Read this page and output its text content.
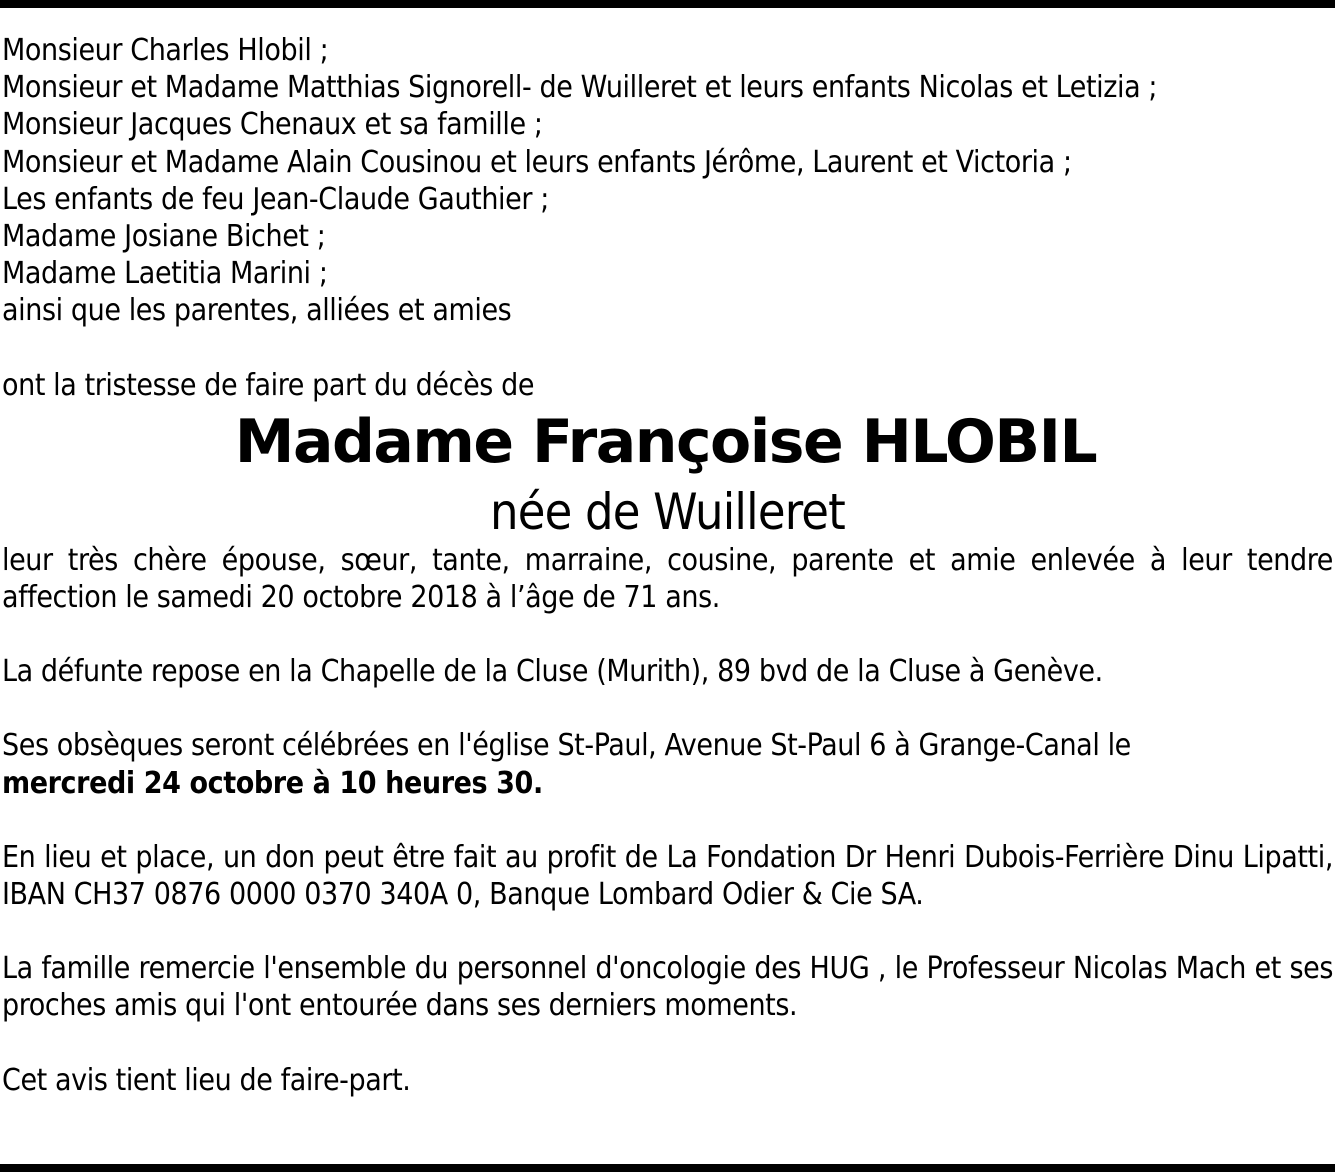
Monsieur Charles Hlobil ;
Monsieur et Madame Matthias Signorell- de Wuilleret et leurs enfants Nicolas et Letizia ;
Monsieur Jacques Chenaux et sa famille ;
Monsieur et Madame Alain Cousinou et leurs enfants Jérôme, Laurent et Victoria ;
Les enfants de feu Jean-Claude Gauthier ;
Madame Josiane Bichet ;
Madame Laetitia Marini ;
ainsi que les parentes, alliées et amies
ont la tristesse de faire part du décès de
Madame Françoise HLOBIL
née de Wuilleret
leur très chère épouse, sœur, tante, marraine, cousine, parente et amie enlevée à leur tendre affection le samedi 20 octobre 2018 à l’âge de 71 ans.
La défunte repose en la Chapelle de la Cluse (Murith), 89 bvd de la Cluse à Genève.
Ses obsèques seront célébrées en l'église St-Paul, Avenue St-Paul 6 à Grange-Canal le
mercredi 24 octobre à 10 heures 30.
En lieu et place, un don peut être fait au profit de La Fondation Dr Henri Dubois-Ferrière Dinu Lipatti, IBAN CH37 0876 0000 0370 340A 0, Banque Lombard Odier & Cie SA.
La famille remercie l'ensemble du personnel d'oncologie des HUG , le Professeur Nicolas Mach et ses proches amis qui l'ont entourée dans ses derniers moments.
Cet avis tient lieu de faire-part.
